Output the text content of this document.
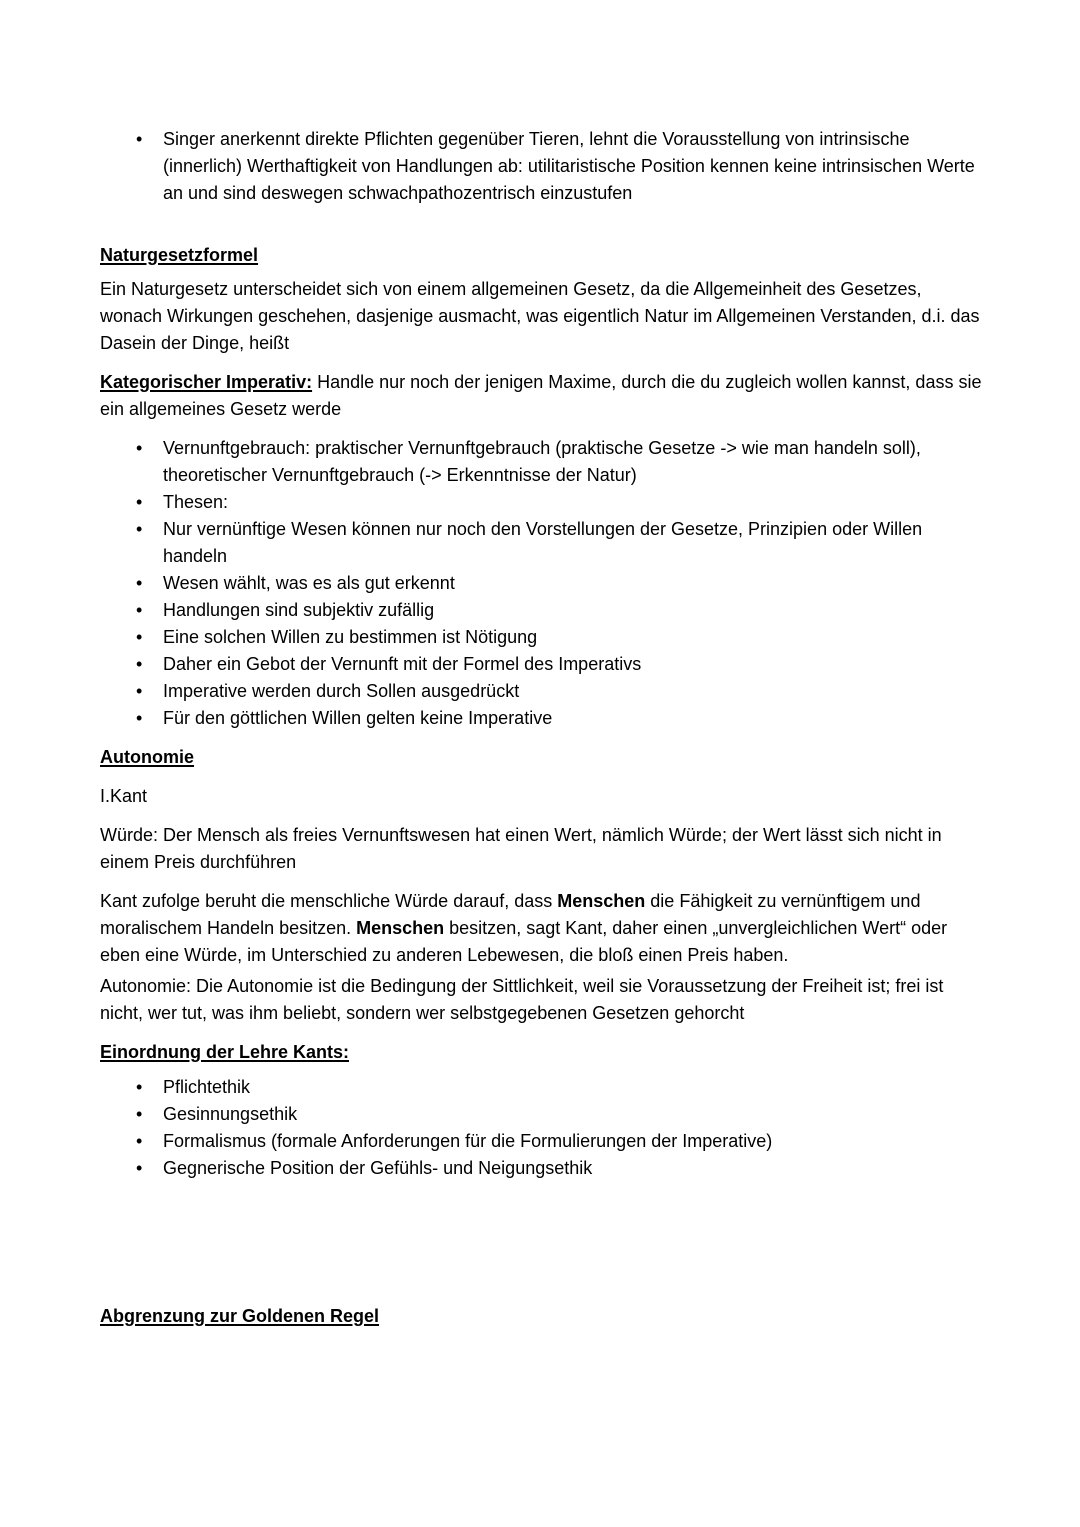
• Singer anerkennt direkte Pflichten gegenüber Tieren, lehnt die Vorausstellung von intrinsische (innerlich) Werthaftigkeit von Handlungen ab: utilitaristische Position kennen keine intrinsischen Werte an und sind deswegen schwachpathozentrisch einzustufen
Naturgesetzformel

Ein Naturgesetz unterscheidet sich von einem allgemeinen Gesetz, da die Allgemeinheit des Gesetzes, wonach Wirkungen geschehen, dasjenige ausmacht, was eigentlich Natur im Allgemeinen Verstanden, d.i. das Dasein der Dinge, heißt

Kategorischer Imperativ: Handle nur noch der jenigen Maxime, durch die du zugleich wollen kannst, dass sie ein allgemeines Gesetz werde

• Vernunftgebrauch: praktischer Vernunftgebrauch (praktische Gesetze -> wie man handeln soll), theoretischer Vernunftgebrauch (-> Erkenntnisse der Natur)
• Thesen:
• Nur vernünftige Wesen können nur noch den Vorstellungen der Gesetze, Prinzipien oder Willen handeln
• Wesen wählt, was es als gut erkennt
• Handlungen sind subjektiv zufällig
• Eine solchen Willen zu bestimmen ist Nötigung
• Daher ein Gebot der Vernunft mit der Formel des Imperativs
• Imperative werden durch Sollen ausgedrückt
• Für den göttlichen Willen gelten keine Imperative
Autonomie

I.Kant

Würde: Der Mensch als freies Vernunftswesen hat einen Wert, nämlich Würde; der Wert lässt sich nicht in einem Preis durchführen

Kant zufolge beruht die menschliche Würde darauf, dass Menschen die Fähigkeit zu vernünftigem und moralischem Handeln besitzen. Menschen besitzen, sagt Kant, daher einen „unvergleichlichen Wert“ oder eben eine Würde, im Unterschied zu anderen Lebewesen, die bloß einen Preis haben.

Autonomie: Die Autonomie ist die Bedingung der Sittlichkeit, weil sie Voraussetzung der Freiheit ist; frei ist nicht, wer tut, was ihm beliebt, sondern wer selbstgegebenen Gesetzen gehorcht

Einordnung der Lehre Kants:
• Pflichtethik
• Gesinnungsethik
• Formalismus (formale Anforderungen für die Formulierungen der Imperative)
• Gegnerische Position der Gefühls- und Neigungsethik
Abgrenzung zur Goldenen Regel
